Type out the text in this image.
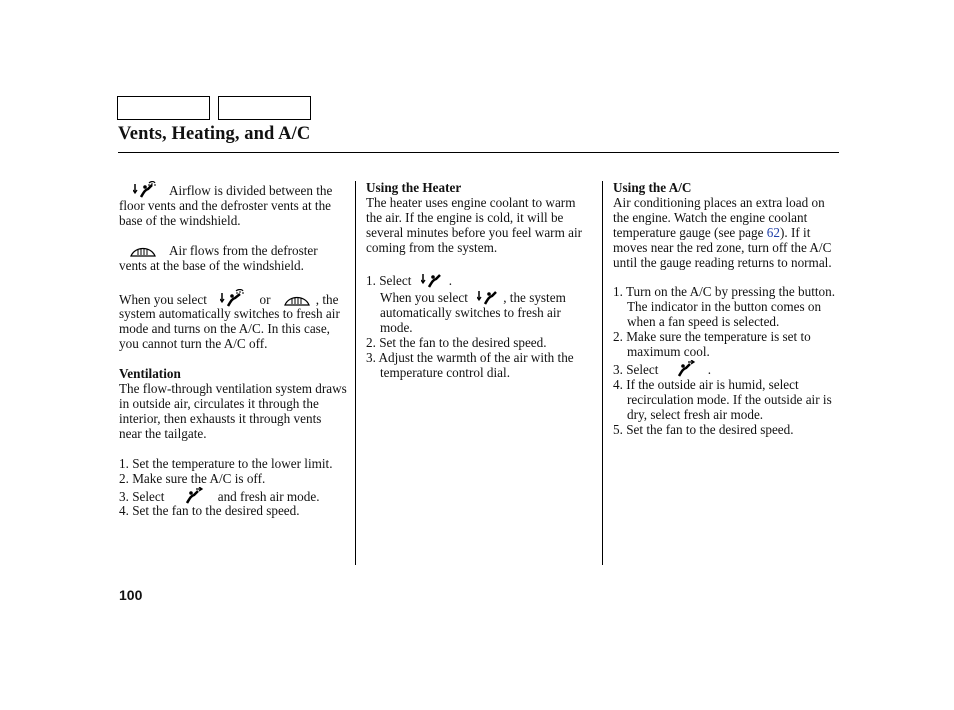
Vents, Heating, and A/C

Airflow is divided between the floor vents and the defroster vents at the base of the windshield.

Air flows from the defroster vents at the base of the windshield.

When you select	or	, the system automatically switches to fresh air mode and turns on the A/C. In this case, you cannot turn the A/C off.

Ventilation

The flow-through ventilation system draws in outside air, circulates it through the interior, then exhausts it through vents near the tailgate.

1. Set the temperature to the lower limit.

2. Make sure the A/C is off.

3. Select	and fresh air mode.

4. Set the fan to the desired speed.

Using the Heater

The heater uses engine coolant to warm the air. If the engine is cold, it will be several minutes before you feel warm air coming from the system.

1. Select	.

When you select	, the system automatically switches to fresh air mode.

2. Set the fan to the desired speed.

3. Adjust the warmth of the air with the temperature control dial.

Using the A/C

Air conditioning places an extra load on the engine. Watch the engine coolant temperature gauge (see page 62). If it moves near the red zone, turn off the A/C until the gauge reading returns to normal.

1. Turn on the A/C by pressing the button. The indicator in the button comes on when a fan speed is selected.

2. Make sure the temperature is set to maximum cool.

3. Select	.

4. If the outside air is humid, select recirculation mode. If the outside air is dry, select fresh air mode.

5. Set the fan to the desired speed.

100
